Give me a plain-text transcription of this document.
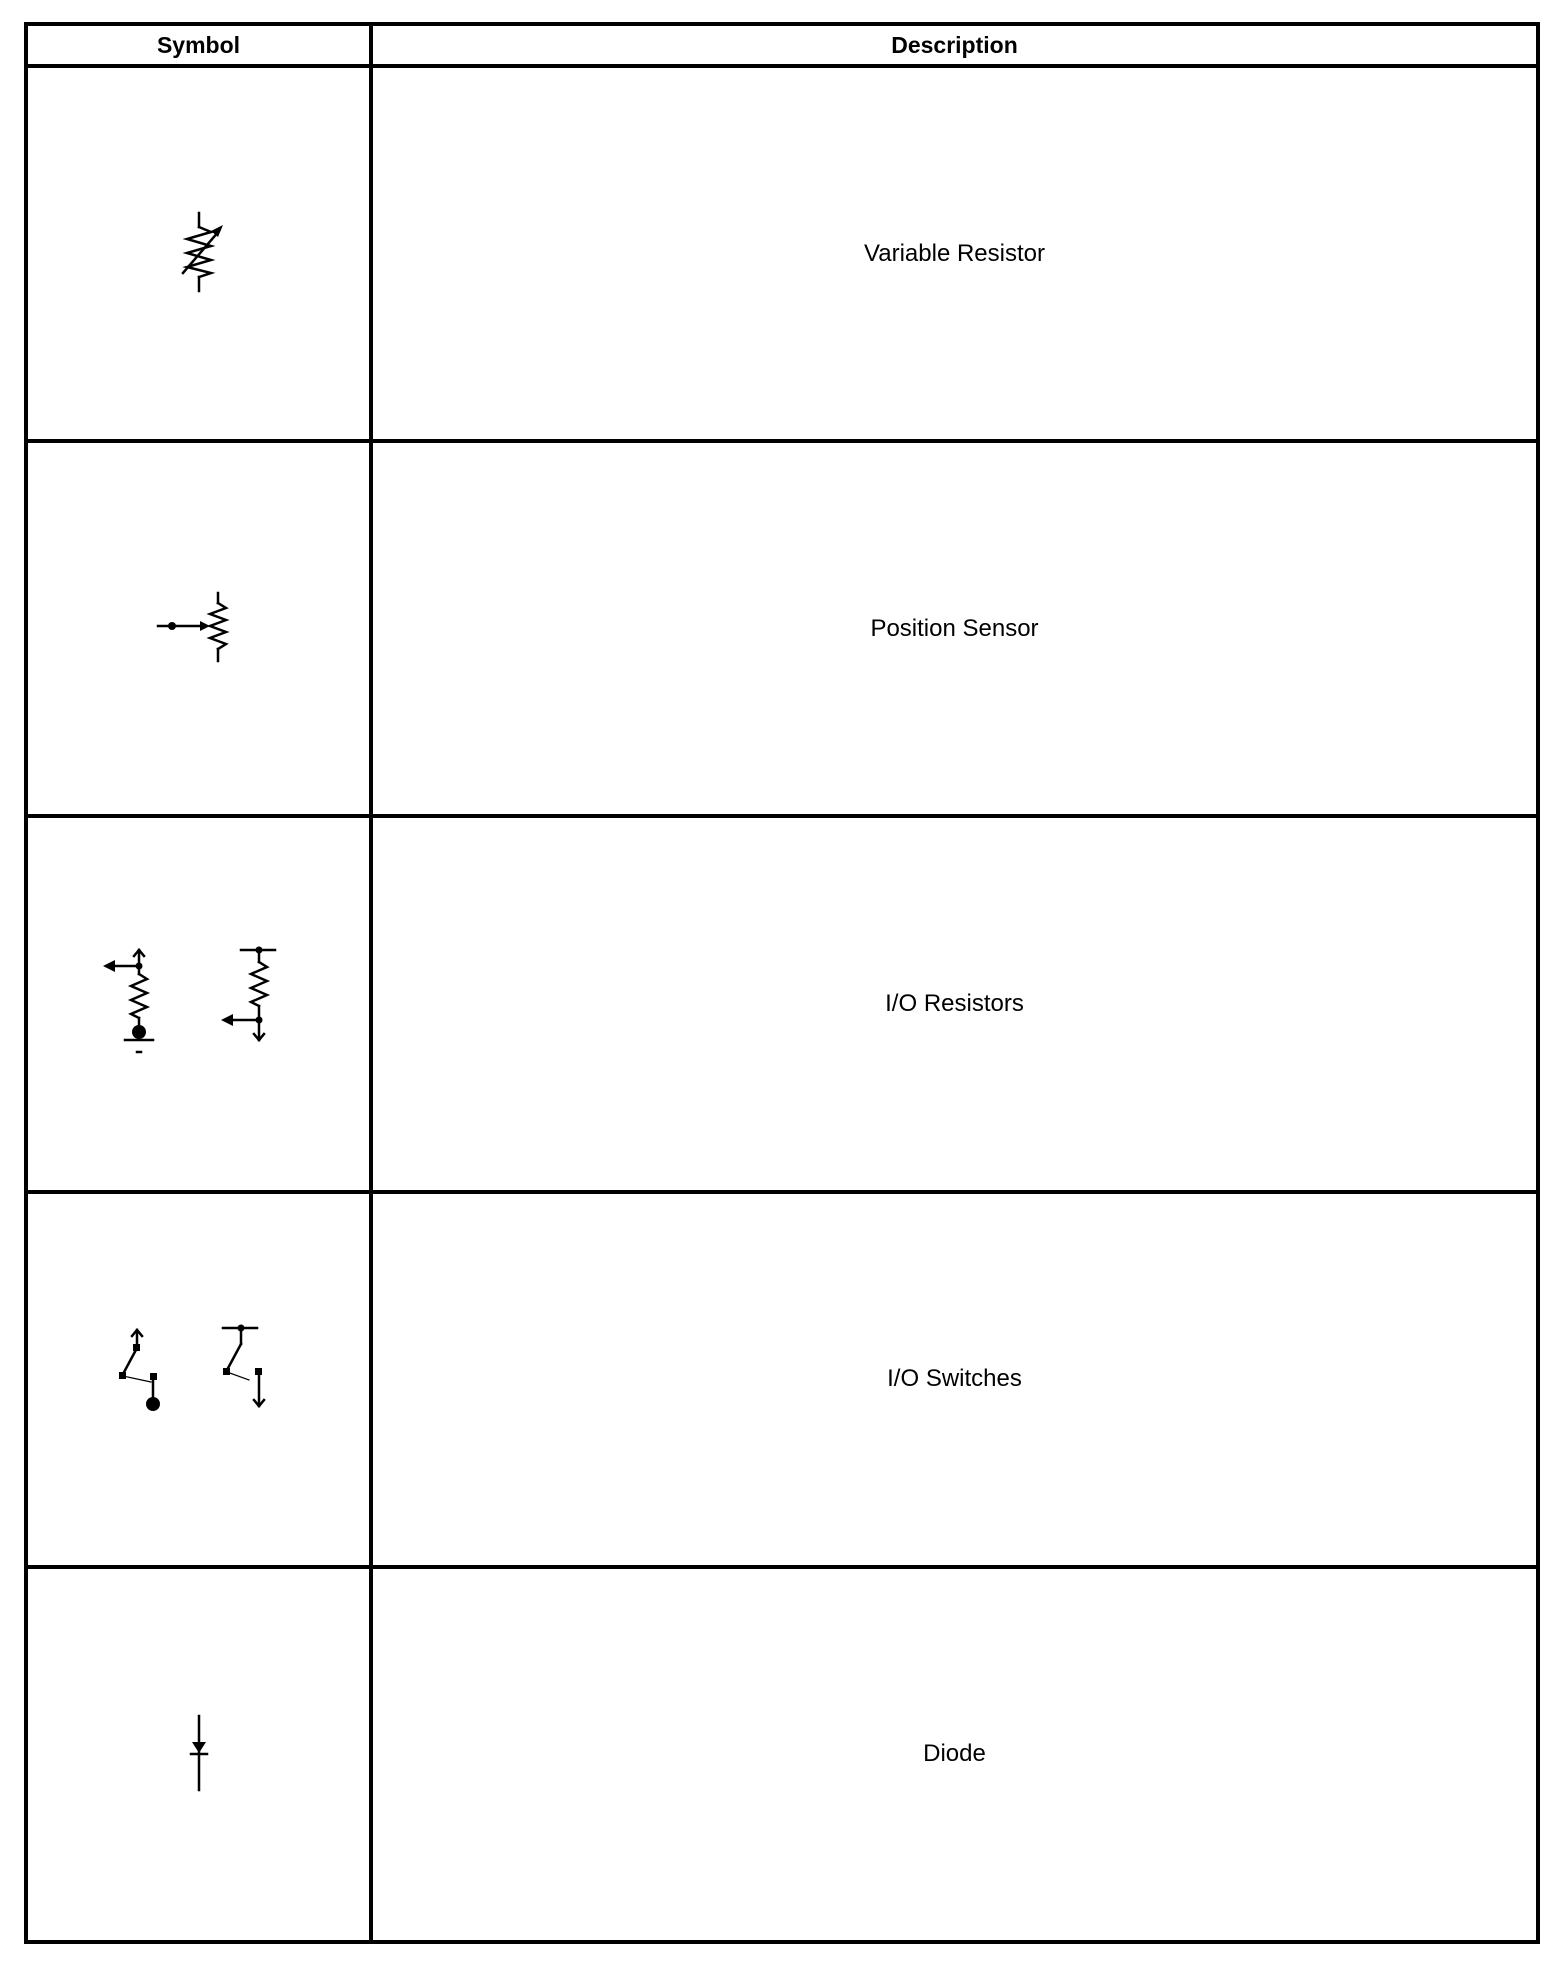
Symbol	Description

	Variable Resistor

	Position Sensor

	I/O Resistors

	I/O Switches

	Diode
